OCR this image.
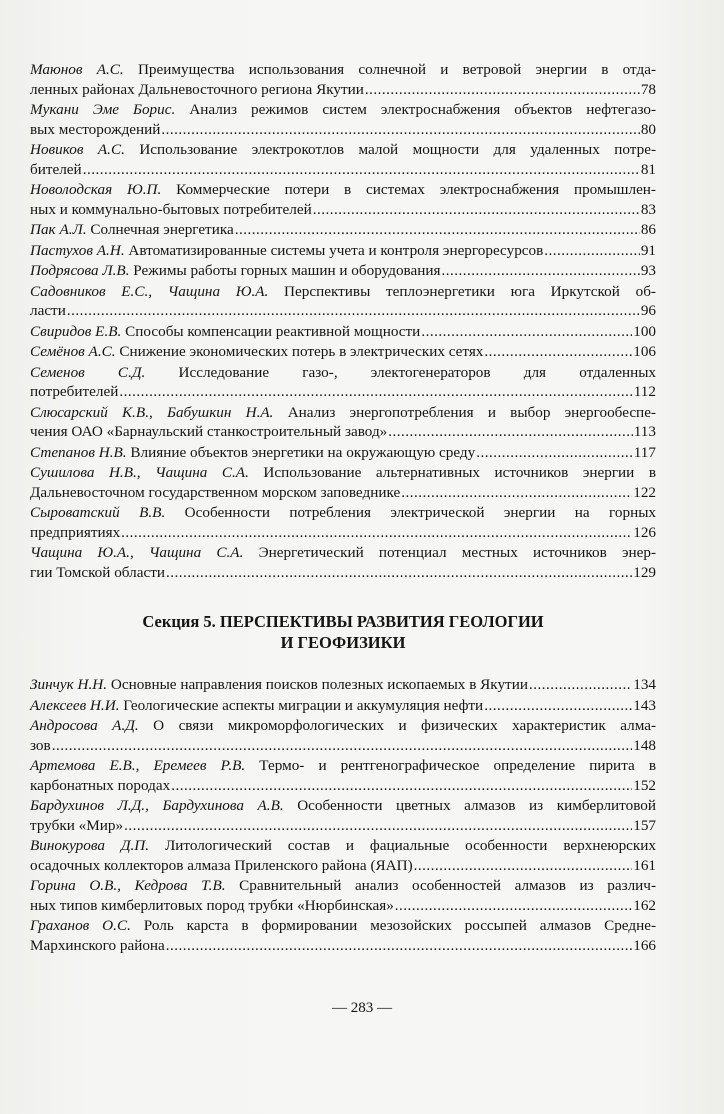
Маюнов А.С. Преимущества использования солнечной и ветровой энергии в отда-
ленных районах Дальневосточного региона Якутии .....	78
Мукани Эме Борис. Анализ режимов систем электроснабжения объектов нефтегазо-
вых месторождений .....	80
Новиков А.С. Использование электрокотлов малой мощности для удаленных потре-
бителей .....	81
Новолодская Ю.П. Коммерческие потери в системах электроснабжения промышлен-
ных и коммунально-бытовых потребителей .....	83
Пак А.Л. Солнечная энергетика .....	86
Пастухов А.Н. Автоматизированные системы учета и контроля энергоресурсов .....	91
Подрясова Л.В. Режимы работы горных машин и оборудования .....	93
Садовников Е.С., Чащина Ю.А. Перспективы теплоэнергетики юга Иркутской об-
ласти .....	96
Свиридов Е.В. Способы компенсации реактивной мощности .....	100
Семёнов А.С. Снижение экономических потерь в электрических сетях .....	106
Семенов С.Д. Исследование газо-, электогенераторов для отдаленных
потребителей .....	112
Слюсарский К.В., Бабушкин Н.А. Анализ энергопотребления и выбор энергообеспе-
чения ОАО «Барнаульский станкостроительный завод» .....	113
Степанов Н.В. Влияние объектов энергетики на окружающую среду .....	117
Сушилова Н.В., Чащина С.А. Использование альтернативных источников энергии в
Дальневосточном государственном морском заповеднике .....	122
Сыроватский В.В. Особенности потребления электрической энергии на горных
предприятиях .....	126
Чащина Ю.А., Чащина С.А. Энергетический потенциал местных источников энер-
гии Томской области .....	129
Секция 5. ПЕРСПЕКТИВЫ РАЗВИТИЯ ГЕОЛОГИИ
И ГЕОФИЗИКИ
Зинчук Н.Н. Основные направления поисков полезных ископаемых в Якутии .....	134
Алексеев Н.И. Геологические аспекты миграции и аккумуляция нефти .....	143
Андросова А.Д. О связи микроморфологических и физических характеристик алма-
зов .....	148
Артемова Е.В., Еремеев Р.В. Термо- и рентгенографическое определение пирита в
карбонатных породах .....	152
Бардухинов Л.Д., Бардухинова А.В. Особенности цветных алмазов из кимберлитовой
трубки «Мир» .....	157
Винокурова Д.П. Литологический состав и фациальные особенности верхнеюрских
осадочных коллекторов алмаза Приленского района (ЯАП) .....	161
Горина О.В., Кедрова Т.В. Сравнительный анализ особенностей алмазов из различ-
ных типов кимберлитовых пород трубки «Нюрбинская» .....	162
Граханов О.С. Роль карста в формировании мезозойских россыпей алмазов Средне-
Мархинского района .....	166
— 283 —
